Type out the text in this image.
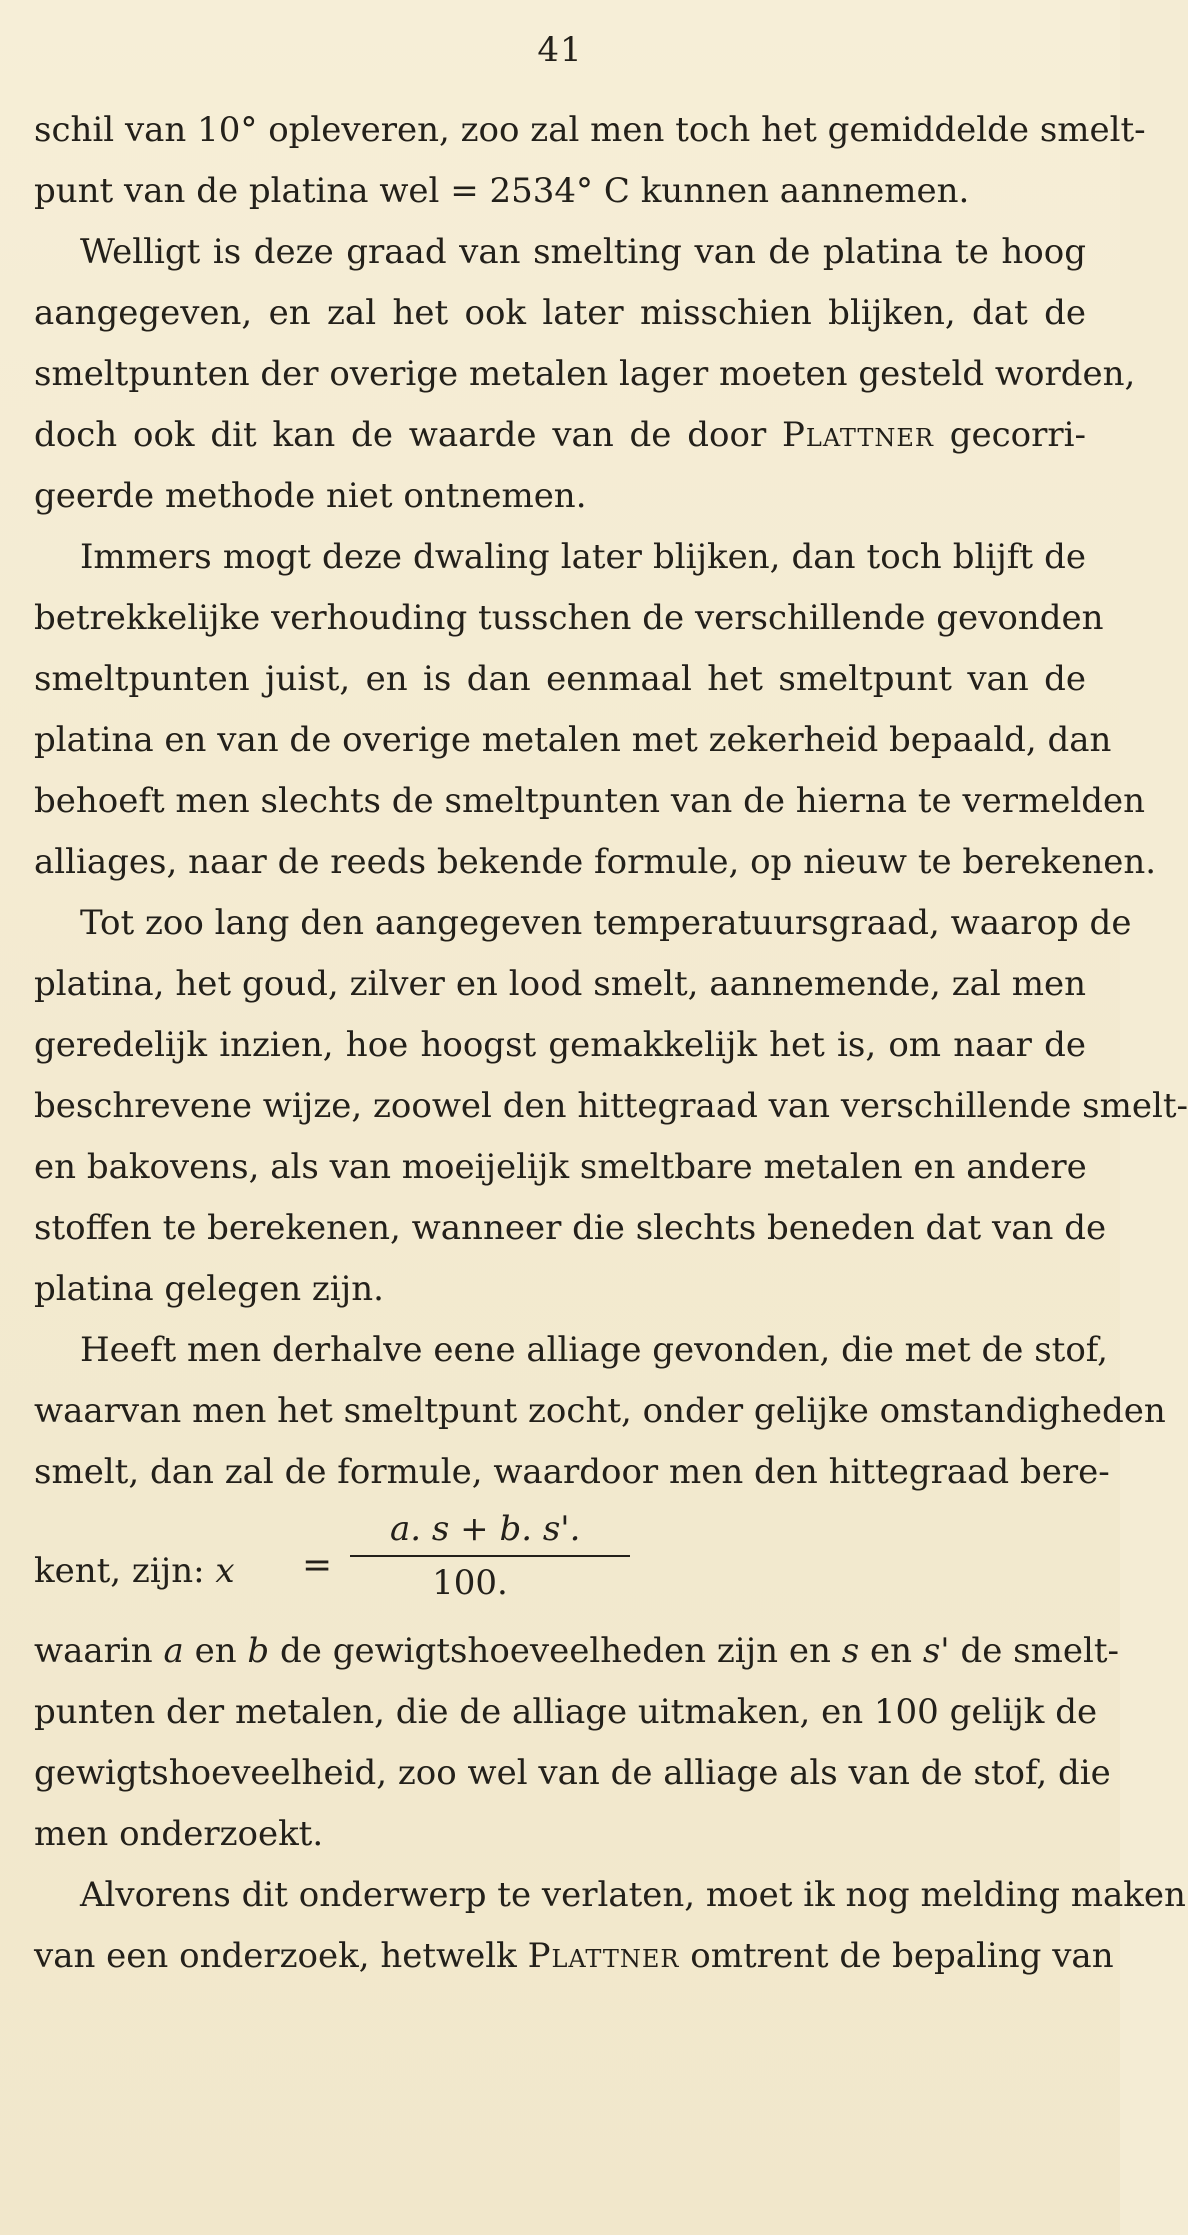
41
schil van 10° opleveren, zoo zal men toch het gemiddelde smelt-
punt van de platina wel = 2534° C kunnen aannemen.
Welligt is deze graad van smelting van de platina te hoog
aangegeven, en zal het ook later misschien blijken, dat de
smeltpunten der overige metalen lager moeten gesteld worden,
doch ook dit kan de waarde van de door Plattner gecorri-
geerde methode niet ontnemen.
Immers mogt deze dwaling later blijken, dan toch blijft de
betrekkelijke verhouding tusschen de verschillende gevonden
smeltpunten juist, en is dan eenmaal het smeltpunt van de
platina en van de overige metalen met zekerheid bepaald, dan
behoeft men slechts de smeltpunten van de hierna te vermelden
alliages, naar de reeds bekende formule, op nieuw te berekenen.
Tot zoo lang den aangegeven temperatuursgraad, waarop de
platina, het goud, zilver en lood smelt, aannemende, zal men
geredelijk inzien, hoe hoogst gemakkelijk het is, om naar de
beschrevene wijze, zoowel den hittegraad van verschillende smelt-
en bakovens, als van moeijelijk smeltbare metalen en andere
stoffen te berekenen, wanneer die slechts beneden dat van de
platina gelegen zijn.
Heeft men derhalve eene alliage gevonden, die met de stof,
waarvan men het smeltpunt zocht, onder gelijke omstandigheden
smelt, dan zal de formule, waardoor men den hittegraad bere-
kent, zijn: x =
a. s + b. s'.
100.
waarin a en b de gewigtshoeveelheden zijn en s en s' de smelt-
punten der metalen, die de alliage uitmaken, en 100 gelijk de
gewigtshoeveelheid, zoo wel van de alliage als van de stof, die
men onderzoekt.
Alvorens dit onderwerp te verlaten, moet ik nog melding maken
van een onderzoek, hetwelk Plattner omtrent de bepaling van
